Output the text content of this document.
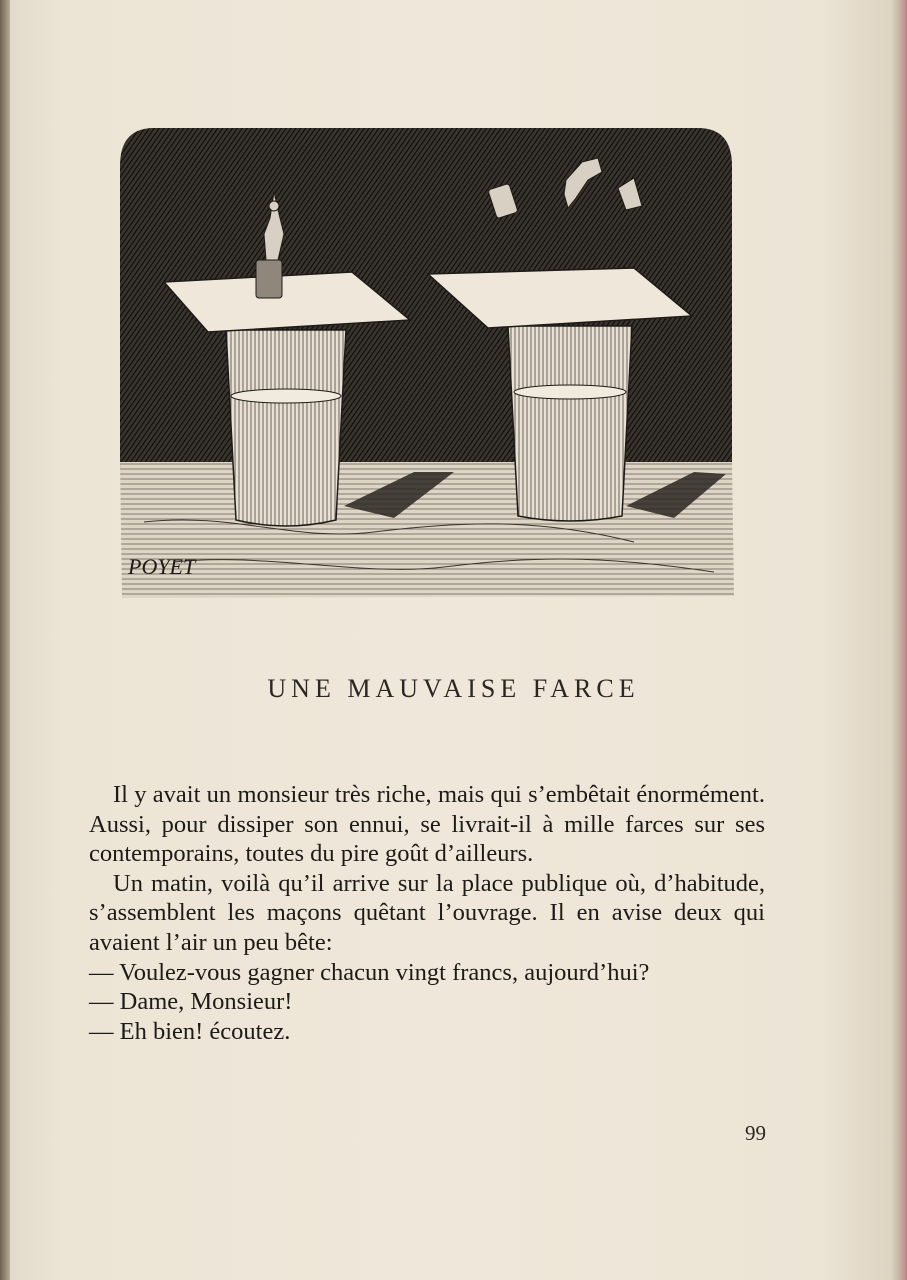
POYET
UNE MAUVAISE FARCE

Il y avait un monsieur très riche, mais qui s’embêtait énormément. Aussi, pour dissiper son ennui, se livrait-il à mille farces sur ses contemporains, toutes du pire goût d’ailleurs.

Un matin, voilà qu’il arrive sur la place publique où, d’habitude, s’assemblent les maçons quêtant l’ouvrage. Il en avise deux qui avaient l’air un peu bête:

— Voulez-vous gagner chacun vingt francs, aujourd’hui?

— Dame, Monsieur!

— Eh bien! écoutez.

99
